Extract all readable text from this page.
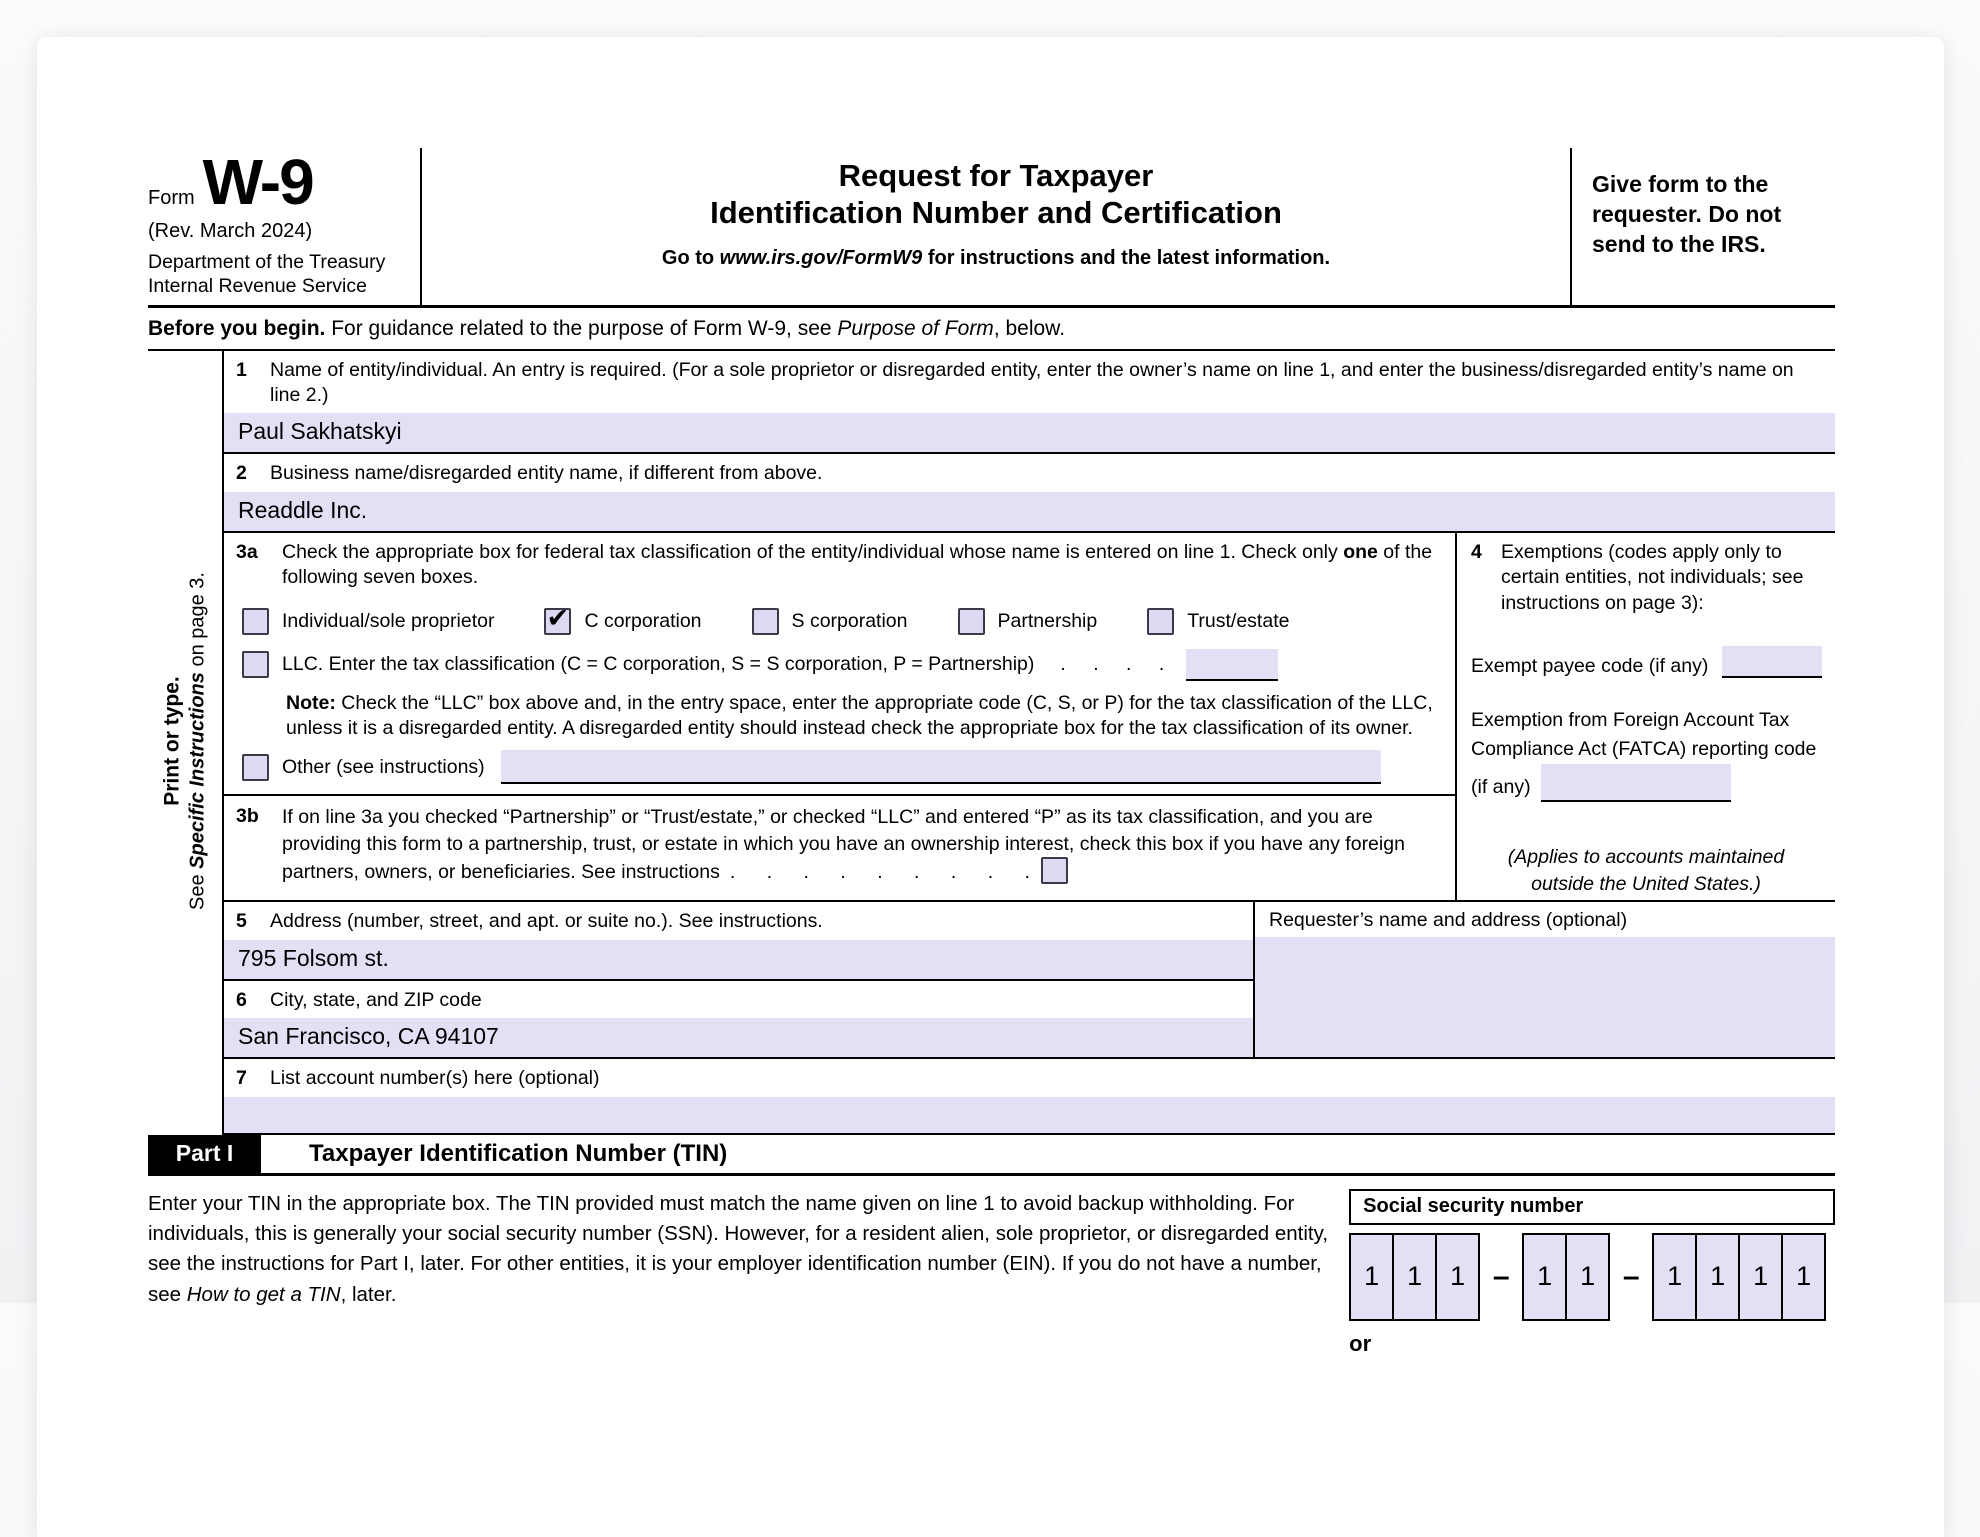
Form W-9
(Rev. March 2024)
Department of the Treasury
Internal Revenue Service
Request for Taxpayer
Identification Number and Certification
Go to www.irs.gov/FormW9 for instructions and the latest information.
Give form to the requester. Do not send to the IRS.
Before you begin. For guidance related to the purpose of Form W-9, see Purpose of Form, below.
Print or type.
See Specific Instructions on page 3.
1	Name of entity/individual. An entry is required. (For a sole proprietor or disregarded entity, enter the owner’s name on line 1, and enter the business/disregarded entity’s name on line 2.)
Paul Sakhatskyi
2	Business name/disregarded entity name, if different from above.
Readdle Inc.
3a	Check the appropriate box for federal tax classification of the entity/individual whose name is entered on line 1. Check only one of the following seven boxes.
Individual/sole proprietor ✔ C corporation	S corporation	Partnership	Trust/estate
LLC. Enter the tax classification (C = C corporation, S = S corporation, P = Partnership) . . . .
Note: Check the “LLC” box above and, in the entry space, enter the appropriate code (C, S, or P) for the tax classification of the LLC, unless it is a disregarded entity. A disregarded entity should instead check the appropriate box for the tax classification of its owner.
Other (see instructions)
3b	If on line 3a you checked “Partnership” or “Trust/estate,” or checked “LLC” and entered “P” as its tax classification, and you are providing this form to a partnership, trust, or estate in which you have an ownership interest, check this box if you have any foreign partners, owners, or beneficiaries. See instructions . . . . . . . . .
4 Exemptions (codes apply only to certain entities, not individuals; see instructions on page 3):
Exempt payee code (if any)
Exemption from Foreign Account Tax Compliance Act (FATCA) reporting code (if any)
(Applies to accounts maintained outside the United States.)
5	Address (number, street, and apt. or suite no.). See instructions.
795 Folsom st.
6	City, state, and ZIP code
San Francisco, CA 94107
Requester’s name and address (optional)
7	List account number(s) here (optional)
Part I	Taxpayer Identification Number (TIN)
Enter your TIN in the appropriate box. The TIN provided must match the name given on line 1 to avoid backup withholding. For individuals, this is generally your social security number (SSN). However, for a resident alien, sole proprietor, or disregarded entity, see the instructions for Part I, later. For other entities, it is your employer identification number (EIN). If you do not have a number, see How to get a TIN, later.
Social security number
1	1	1 –	1	1 –	1	1	1	1
or
